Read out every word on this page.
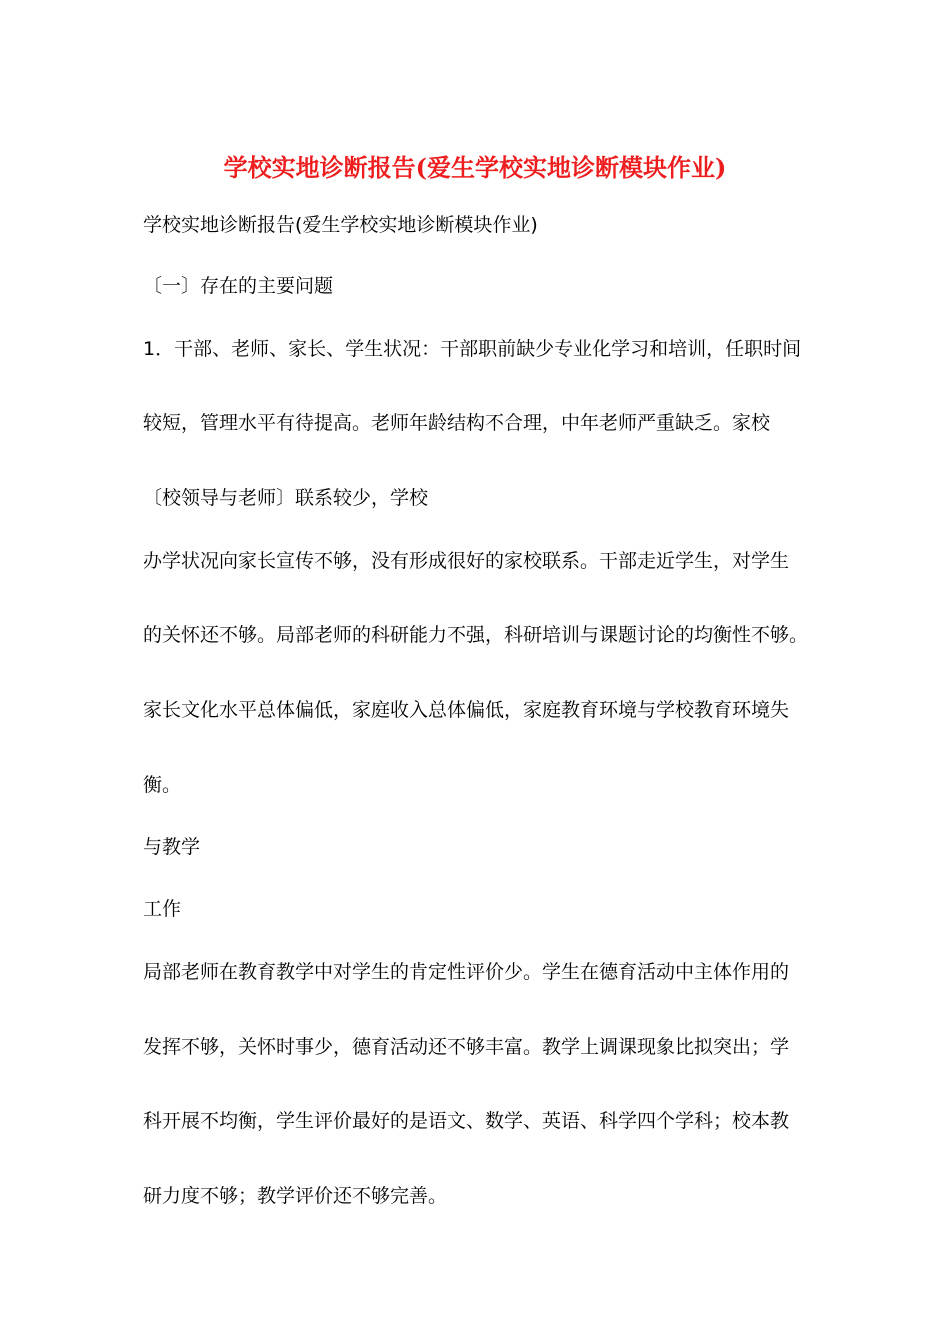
学校实地诊断报告(爱生学校实地诊断模块作业)
学校实地诊断报告(爱生学校实地诊断模块作业)
〔一〕存在的主要问题
1．干部、老师、家长、学生状况：干部职前缺少专业化学习和培训，任职时间
较短，管理水平有待提高。老师年龄结构不合理，中年老师严重缺乏。家校
〔校领导与老师〕联系较少，学校
办学状况向家长宣传不够，没有形成很好的家校联系。干部走近学生，对学生
的关怀还不够。局部老师的科研能力不强，科研培训与课题讨论的均衡性不够。
家长文化水平总体偏低，家庭收入总体偏低，家庭教育环境与学校教育环境失
衡。
与教学
工作
局部老师在教育教学中对学生的肯定性评价少。学生在德育活动中主体作用的
发挥不够，关怀时事少，德育活动还不够丰富。教学上调课现象比拟突出；学
科开展不均衡，学生评价最好的是语文、数学、英语、科学四个学科；校本教
研力度不够；教学评价还不够完善。
